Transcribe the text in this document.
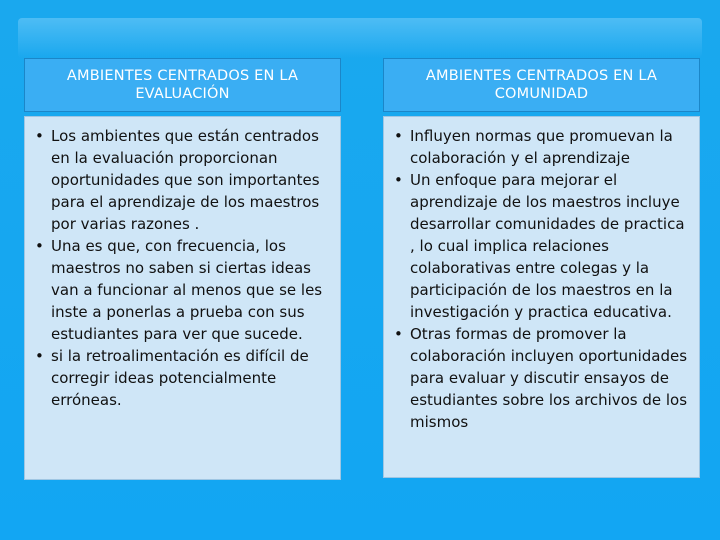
AMBIENTES CENTRADOS EN LA EVALUACIÓN
• Los ambientes que están centrados en la evaluación proporcionan oportunidades que son importantes para el aprendizaje de los maestros por varias razones .
• Una es que, con frecuencia, los maestros no saben si ciertas ideas van a funcionar al menos que se les inste a ponerlas a prueba con sus estudiantes para ver que sucede.
• si la retroalimentación es difícil de corregir ideas potencialmente erróneas.
AMBIENTES CENTRADOS EN LA COMUNIDAD
• Influyen normas que promuevan la colaboración y el aprendizaje
• Un enfoque para mejorar el aprendizaje de los maestros incluye desarrollar comunidades de practica , lo cual implica relaciones colaborativas entre colegas y la participación de los maestros en la investigación y practica educativa.
• Otras formas de promover la colaboración incluyen oportunidades para evaluar y discutir ensayos de estudiantes sobre los archivos de los mismos
